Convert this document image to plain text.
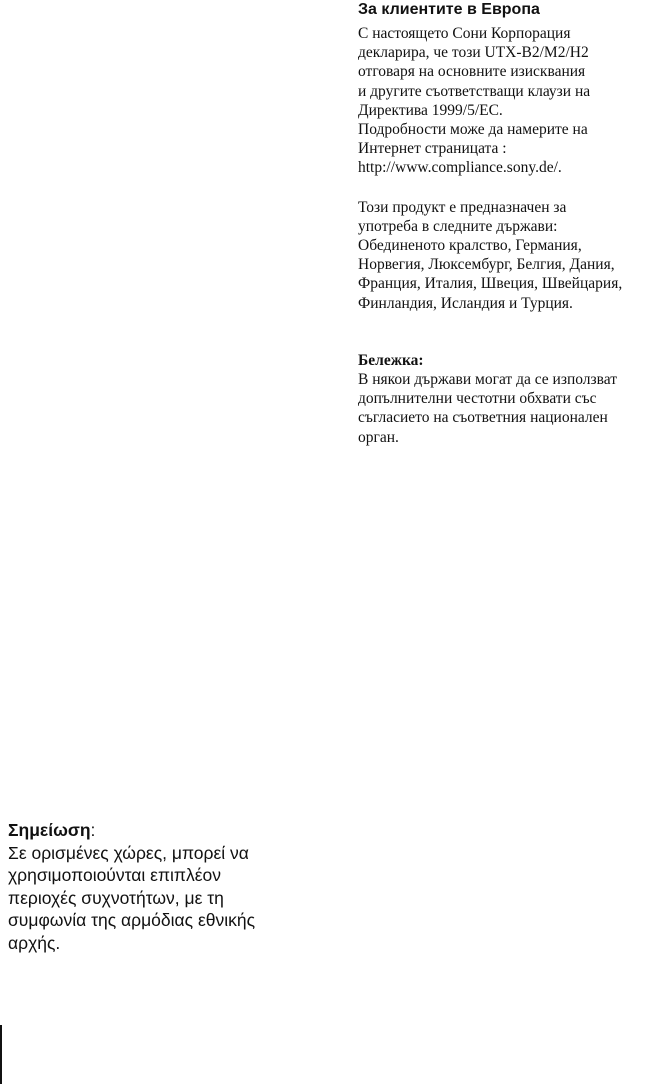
За клиентите в Европа
С настоящето Сони Корпорация
декларира, че този UTX-B2/M2/H2
отговаря на основните изисквания
и другите съответстващи клаузи на
Директива 1999/5/EC.
Подробности може да намерите на
Интернет страницата :
http://www.compliance.sony.de/.
Този продукт е предназначен за
употреба в следните държави:
Обединеното кралство, Германия,
Норвегия, Люксембург, Белгия, Дания,
Франция, Италия, Швеция, Швейцария,
Финландия, Исландия и Турция.
Бележка:
В някои държави могат да се използват
допълнителни честотни обхвати със
съгласието на съответния национален
орган.
Σημείωση:
Σε ορισμένες χώρες, μπορεί να
χρησιμοποιούνται επιπλέον
περιοχές συχνοτήτων, με τη
συμφωνία της αρμόδιας εθνικής
αρχής.
